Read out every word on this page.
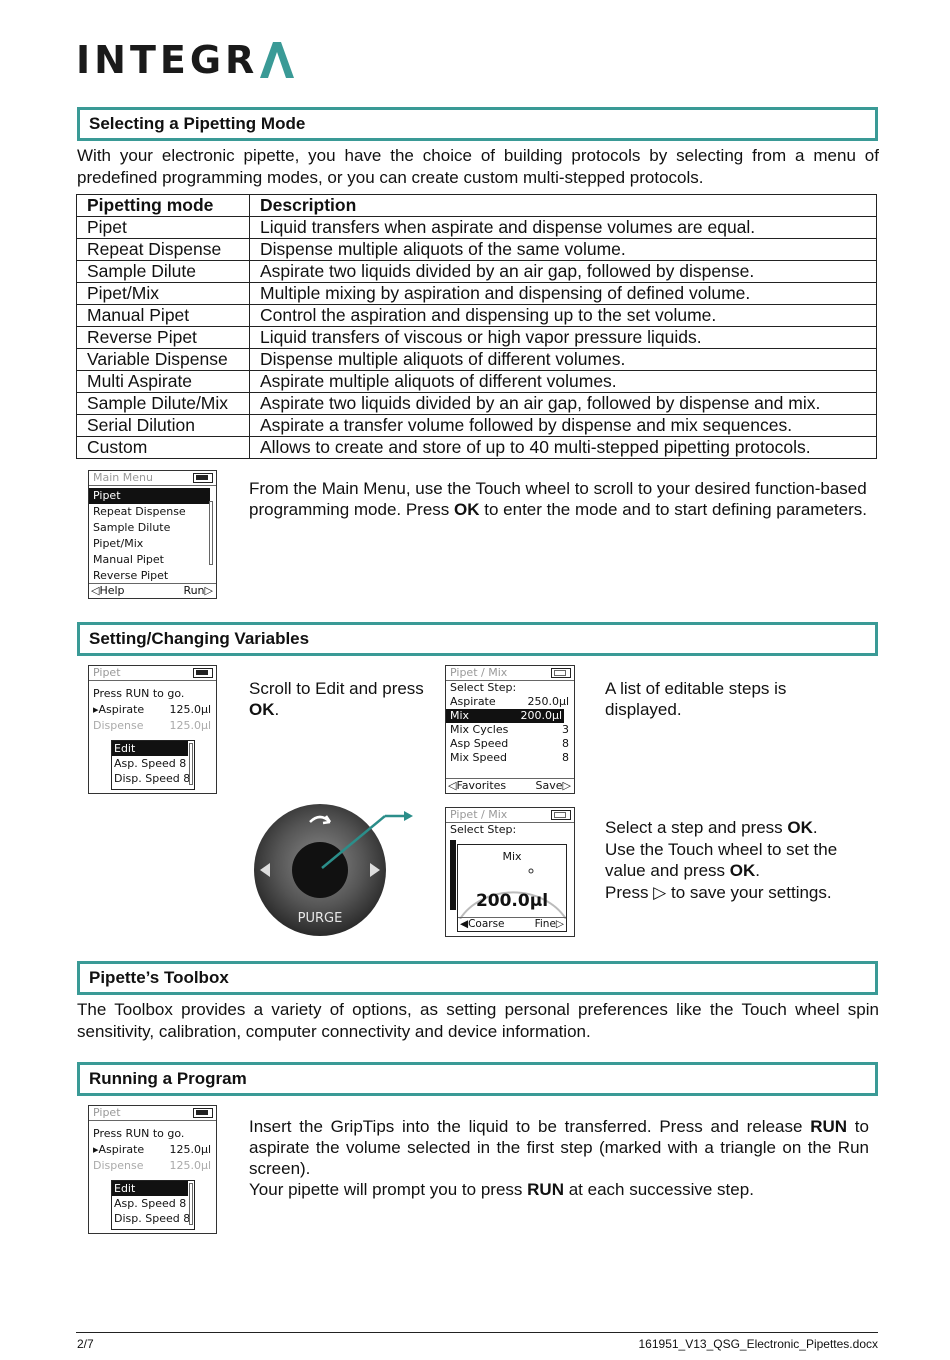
INTEGR
Selecting a Pipetting Mode
With your electronic pipette, you have the choice of building protocols by selecting from a menu of predefined programming modes, or you can create custom multi-stepped protocols.
Pipetting mode	Description
Pipet	Liquid transfers when aspirate and dispense volumes are equal.
Repeat Dispense	Dispense multiple aliquots of the same volume.
Sample Dilute	Aspirate two liquids divided by an air gap, followed by dispense.
Pipet/Mix	Multiple mixing by aspiration and dispensing of defined volume.
Manual Pipet	Control the aspiration and dispensing up to the set volume.
Reverse Pipet	Liquid transfers of viscous or high vapor pressure liquids.
Variable Dispense	Dispense multiple aliquots of different volumes.
Multi Aspirate	Aspirate multiple aliquots of different volumes.
Sample Dilute/Mix	Aspirate two liquids divided by an air gap, followed by dispense and mix.
Serial Dilution	Aspirate a transfer volume followed by dispense and mix sequences.
Custom	Allows to create and store of up to 40 multi-stepped pipetting protocols.
Main Menu
Pipet
Repeat Dispense
Sample Dilute
Pipet/Mix
Manual Pipet
Reverse Pipet
◁Help	Run▷
From the Main Menu, use the Touch wheel to scroll to your desired function-based programming mode. Press OK to enter the mode and to start defining parameters.
Setting/Changing Variables
Pipet
Press RUN to go.
▸Aspirate 125.0µl
Dispense 125.0µl
Edit
Asp. Speed 8
Disp. Speed 8
Scroll to Edit and press OK.
Pipet / Mix
Select Step:
Aspirate	250.0µl
Mix	200.0µl
Mix Cycles	3
Asp Speed	8
Mix Speed	8
◁Favorites	Save▷
A list of editable steps is displayed.
PURGE
Pipet / Mix
Select Step:
Mix
200.0µl
◀Coarse	Fine▷
Select a step and press OK.
Use the Touch wheel to set the value and press OK.
Press ▷ to save your settings.
Pipette’s Toolbox
The Toolbox provides a variety of options, as setting personal preferences like the Touch wheel spin sensitivity, calibration, computer connectivity and device information.
Running a Program
Pipet
Press RUN to go.
▸Aspirate 125.0µl
Dispense 125.0µl
Edit
Asp. Speed 8
Disp. Speed 8
Insert the GripTips into the liquid to be transferred. Press and release RUN to aspirate the volume selected in the first step (marked with a triangle on the Run screen).
Your pipette will prompt you to press RUN at each successive step.
2/7	161951_V13_QSG_Electronic_Pipettes.docx
